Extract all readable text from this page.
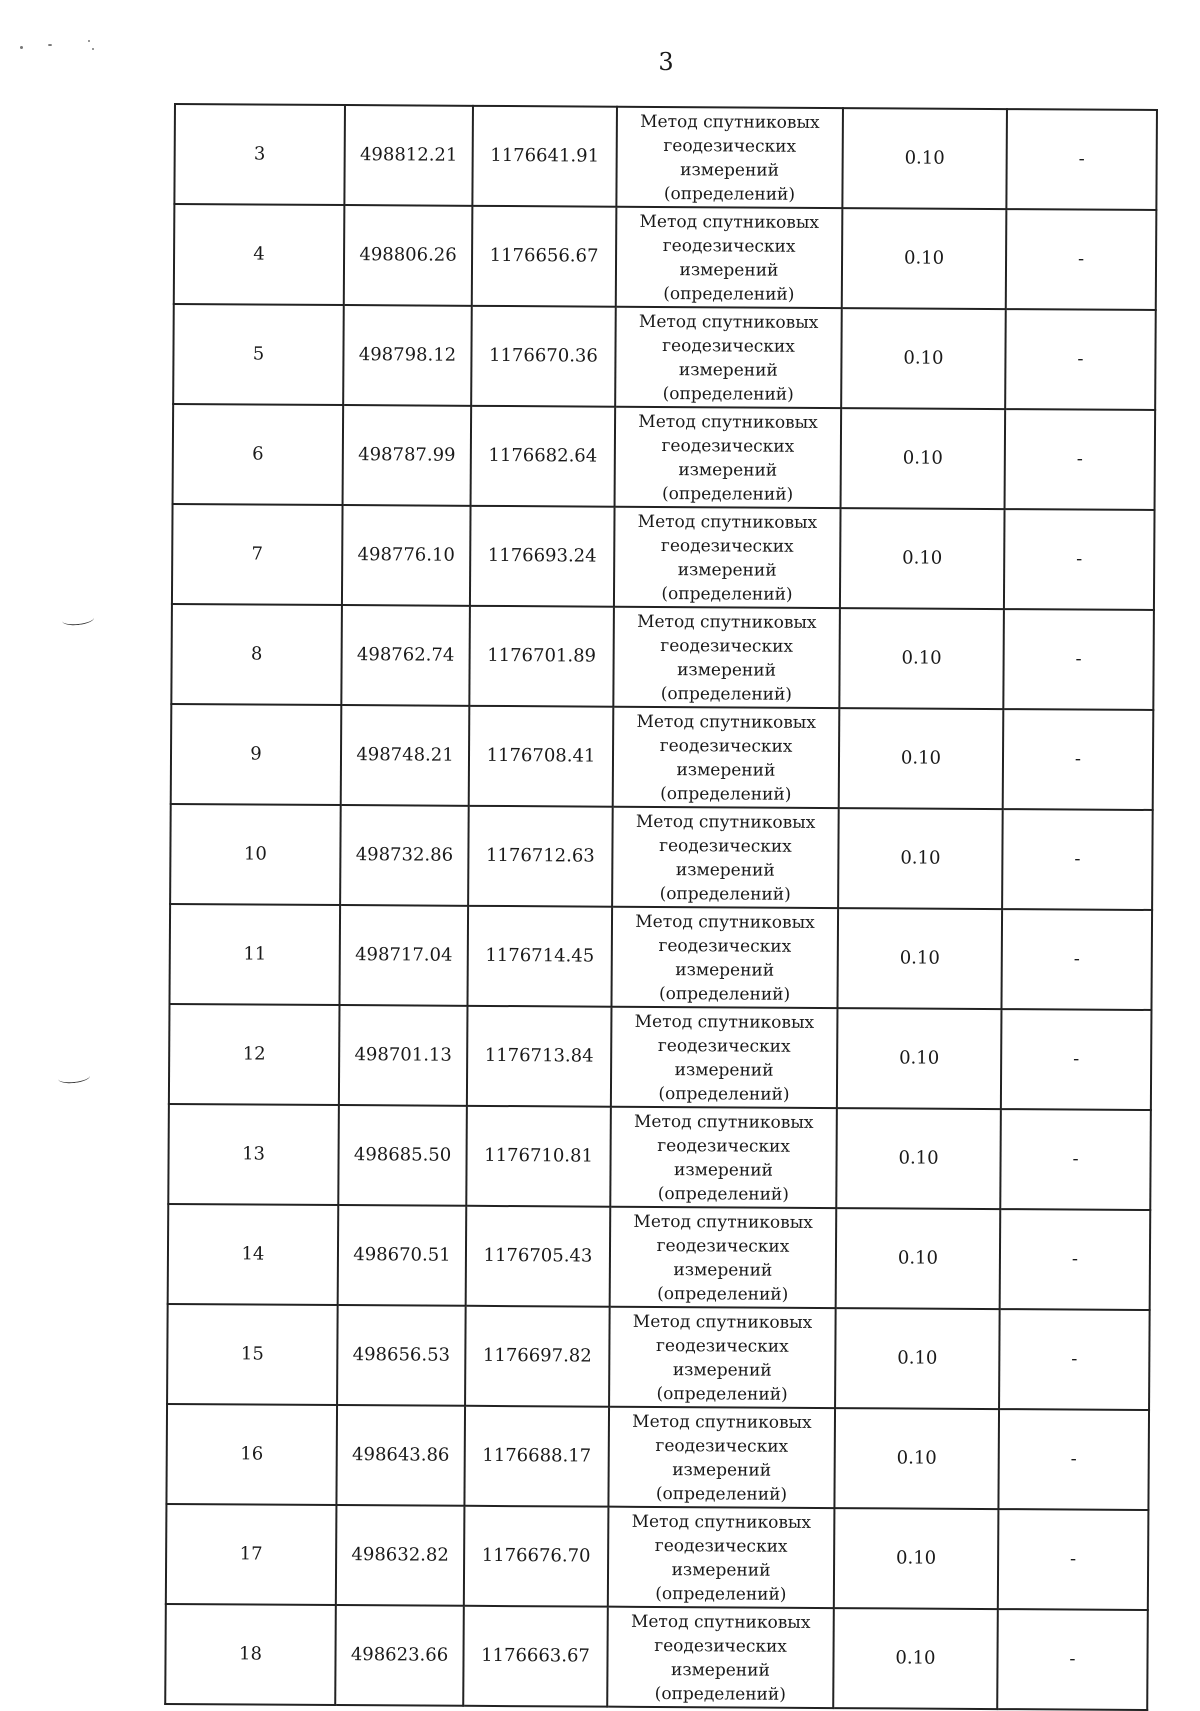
3
3	498812.21	1176641.91	Метод спутниковых
геодезических
измерений
(определений)	0.10	-
4	498806.26	1176656.67	Метод спутниковых
геодезических
измерений
(определений)	0.10	-
5	498798.12	1176670.36	Метод спутниковых
геодезических
измерений
(определений)	0.10	-
6	498787.99	1176682.64	Метод спутниковых
геодезических
измерений
(определений)	0.10	-
7	498776.10	1176693.24	Метод спутниковых
геодезических
измерений
(определений)	0.10	-
8	498762.74	1176701.89	Метод спутниковых
геодезических
измерений
(определений)	0.10	-
9	498748.21	1176708.41	Метод спутниковых
геодезических
измерений
(определений)	0.10	-
10	498732.86	1176712.63	Метод спутниковых
геодезических
измерений
(определений)	0.10	-
11	498717.04	1176714.45	Метод спутниковых
геодезических
измерений
(определений)	0.10	-
12	498701.13	1176713.84	Метод спутниковых
геодезических
измерений
(определений)	0.10	-
13	498685.50	1176710.81	Метод спутниковых
геодезических
измерений
(определений)	0.10	-
14	498670.51	1176705.43	Метод спутниковых
геодезических
измерений
(определений)	0.10	-
15	498656.53	1176697.82	Метод спутниковых
геодезических
измерений
(определений)	0.10	-
16	498643.86	1176688.17	Метод спутниковых
геодезических
измерений
(определений)	0.10	-
17	498632.82	1176676.70	Метод спутниковых
геодезических
измерений
(определений)	0.10	-
18	498623.66	1176663.67	Метод спутниковых
геодезических
измерений
(определений)	0.10	-
